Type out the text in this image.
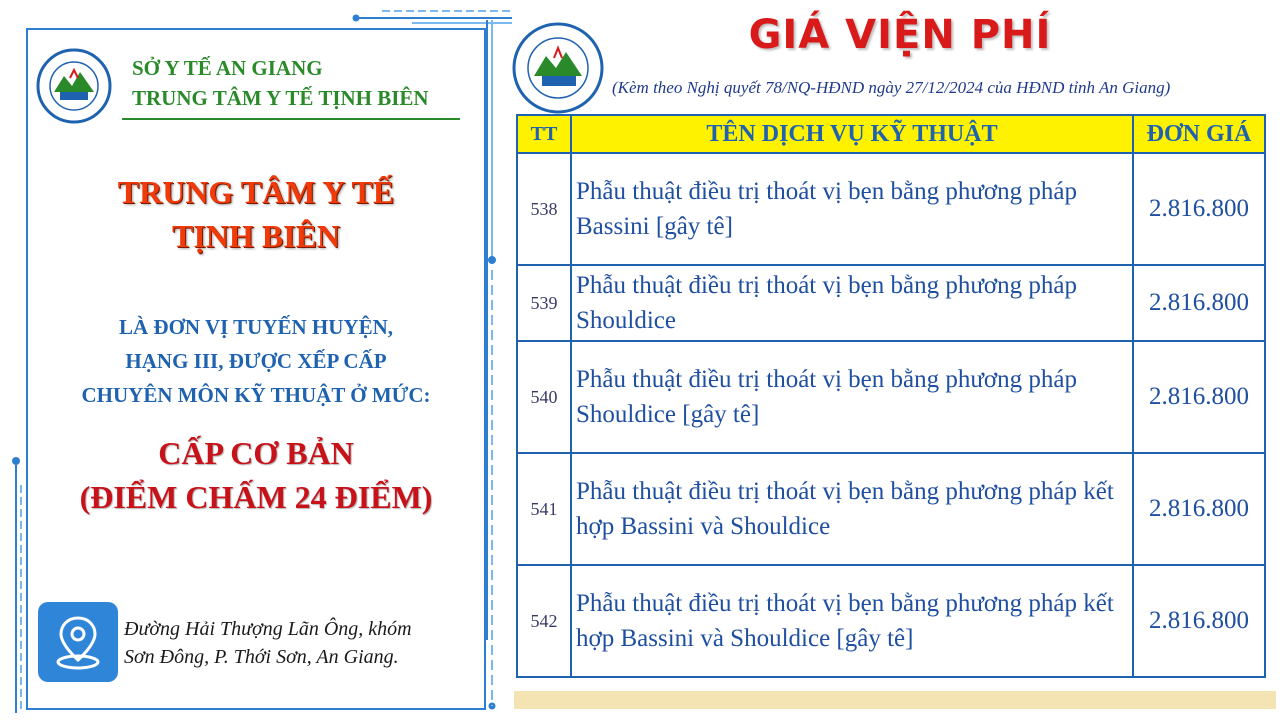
SỞ Y TẾ AN GIANG
TRUNG TÂM Y TẾ TỊNH BIÊN
TRUNG TÂM Y TẾ
TỊNH BIÊN
LÀ ĐƠN VỊ TUYẾN HUYỆN,
HẠNG III, ĐƯỢC XẾP CẤP
CHUYÊN MÔN KỸ THUẬT Ở MỨC:
CẤP CƠ BẢN
(ĐIỂM CHẤM 24 ĐIỂM)
Đường Hải Thượng Lãn Ông, khóm
Sơn Đông, P. Thới Sơn, An Giang.
GIÁ VIỆN PHÍ
(Kèm theo Nghị quyết 78/NQ-HĐND ngày 27/12/2024 của HĐND tỉnh An Giang)
TT	TÊN DỊCH VỤ KỸ THUẬT	ĐƠN GIÁ
538	Phẫu thuật điều trị thoát vị bẹn bằng phương pháp Bassini [gây tê]	2.816.800
539	Phẫu thuật điều trị thoát vị bẹn bằng phương pháp Shouldice	2.816.800
540	Phẫu thuật điều trị thoát vị bẹn bằng phương pháp Shouldice [gây tê]	2.816.800
541	Phẫu thuật điều trị thoát vị bẹn bằng phương pháp kết hợp Bassini và Shouldice	2.816.800
542	Phẫu thuật điều trị thoát vị bẹn bằng phương pháp kết hợp Bassini và Shouldice [gây tê]	2.816.800
